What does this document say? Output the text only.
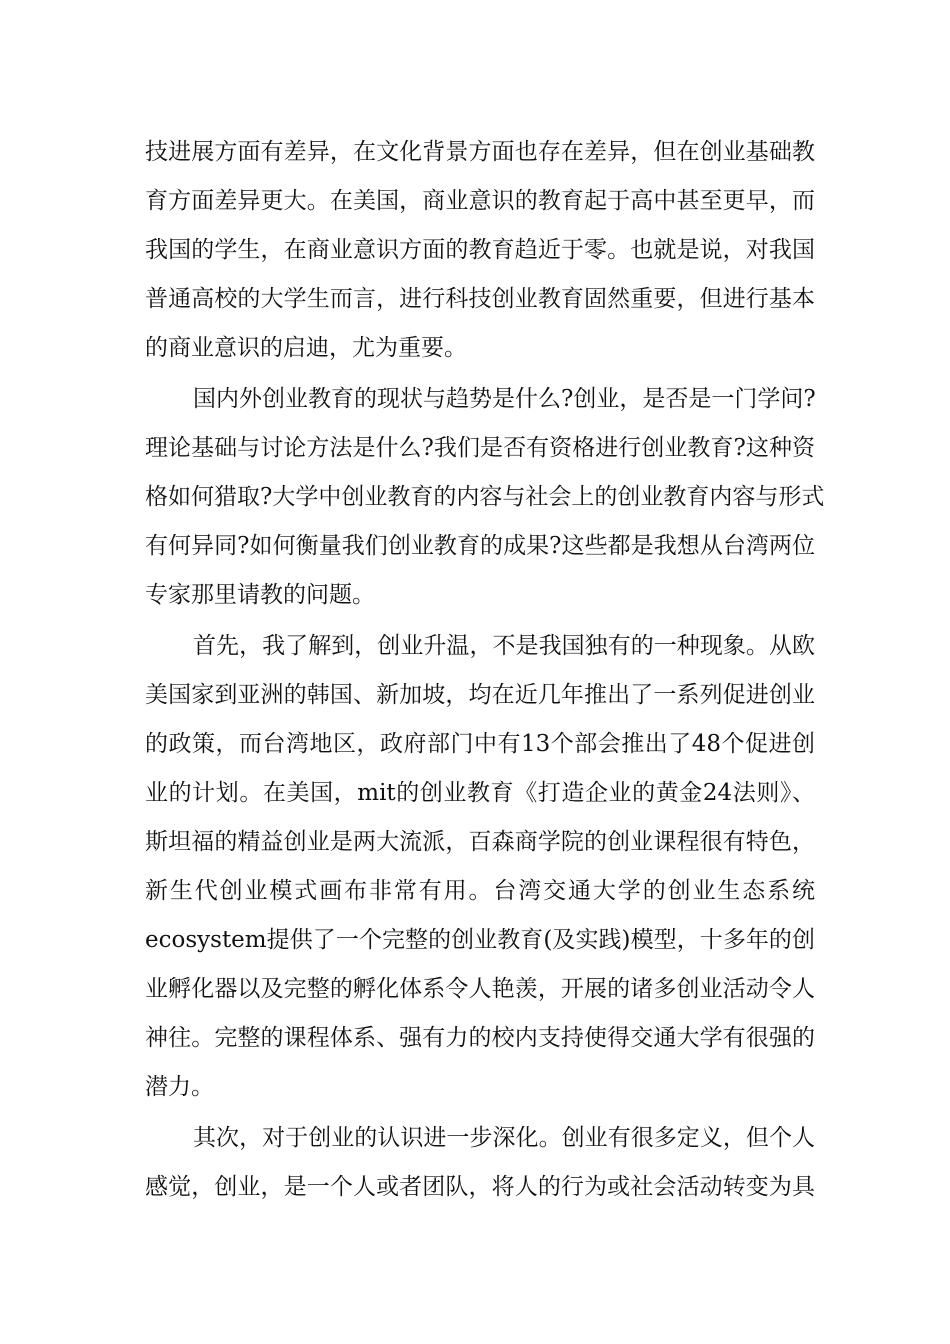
技进展方面有差异，在文化背景方面也存在差异，但在创业基础教
育方面差异更大。在美国，商业意识的教育起于高中甚至更早，而
我国的学生，在商业意识方面的教育趋近于零。也就是说，对我国
普通高校的大学生而言，进行科技创业教育固然重要，但进行基本
的商业意识的启迪，尤为重要。
国内外创业教育的现状与趋势是什么?创业，是否是一门学问?
理论基础与讨论方法是什么?我们是否有资格进行创业教育?这种资
格如何猎取?大学中创业教育的内容与社会上的创业教育内容与形式
有何异同?如何衡量我们创业教育的成果?这些都是我想从台湾两位
专家那里请教的问题。
首先，我了解到，创业升温，不是我国独有的一种现象。从欧
美国家到亚洲的韩国、新加坡，均在近几年推出了一系列促进创业
的政策，而台湾地区，政府部门中有13个部会推出了48个促进创
业的计划。在美国，mit的创业教育《打造企业的黄金24法则》、
斯坦福的精益创业是两大流派，百森商学院的创业课程很有特色，
新生代创业模式画布非常有用。台湾交通大学的创业生态系统
ecosystem提供了一个完整的创业教育(及实践)模型，十多年的创
业孵化器以及完整的孵化体系令人艳羡，开展的诸多创业活动令人
神往。完整的课程体系、强有力的校内支持使得交通大学有很强的
潜力。
其次，对于创业的认识进一步深化。创业有很多定义，但个人
感觉，创业，是一个人或者团队，将人的行为或社会活动转变为具
